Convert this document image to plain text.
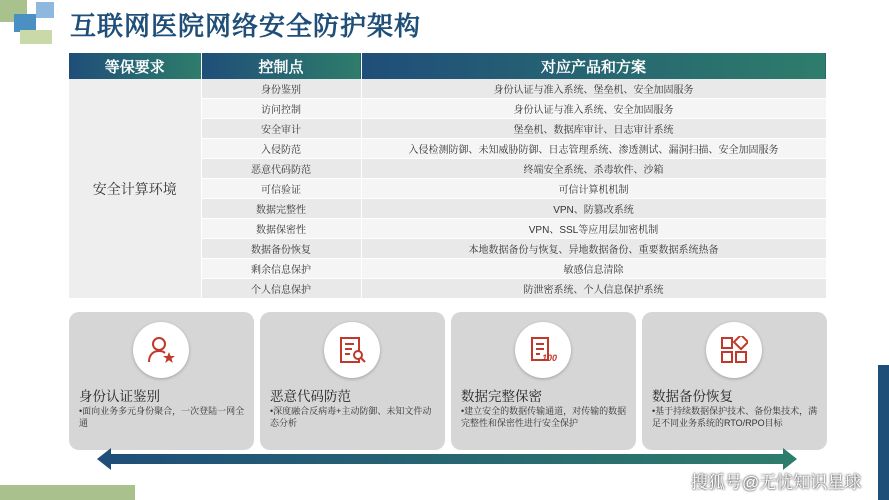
互联网医院网络安全防护架构
等保要求	控制点	对应产品和方案
安全计算环境	身份鉴别	身份认证与准入系统、堡垒机、安全加固服务
	访问控制	身份认证与准入系统、安全加固服务
	安全审计	堡垒机、数据库审计、日志审计系统
	入侵防范	入侵检测防御、未知威胁防御、日志管理系统、渗透测试、漏洞扫描、安全加固服务
	恶意代码防范	终端安全系统、杀毒软件、沙箱
	可信验证	可信计算机机制
	数据完整性	VPN、防篡改系统
	数据保密性	VPN、SSL等应用层加密机制
	数据备份恢复	本地数据备份与恢复、异地数据备份、重要数据系统热备
	剩余信息保护	敏感信息清除
	个人信息保护	防泄密系统、个人信息保护系统
身份认证鉴别
•面向业务多元身份聚合，一次登陆一网全通
恶意代码防范
•深度融合反病毒+主动防御、未知文件动态分析
100
数据完整保密
•建立安全的数据传输通道，对传输的数据完整性和保密性进行安全保护
数据备份恢复
•基于持续数据保护技术、备份集技术，满足不同业务系统的RTO/RPO目标
搜狐号@无忧知识星球
